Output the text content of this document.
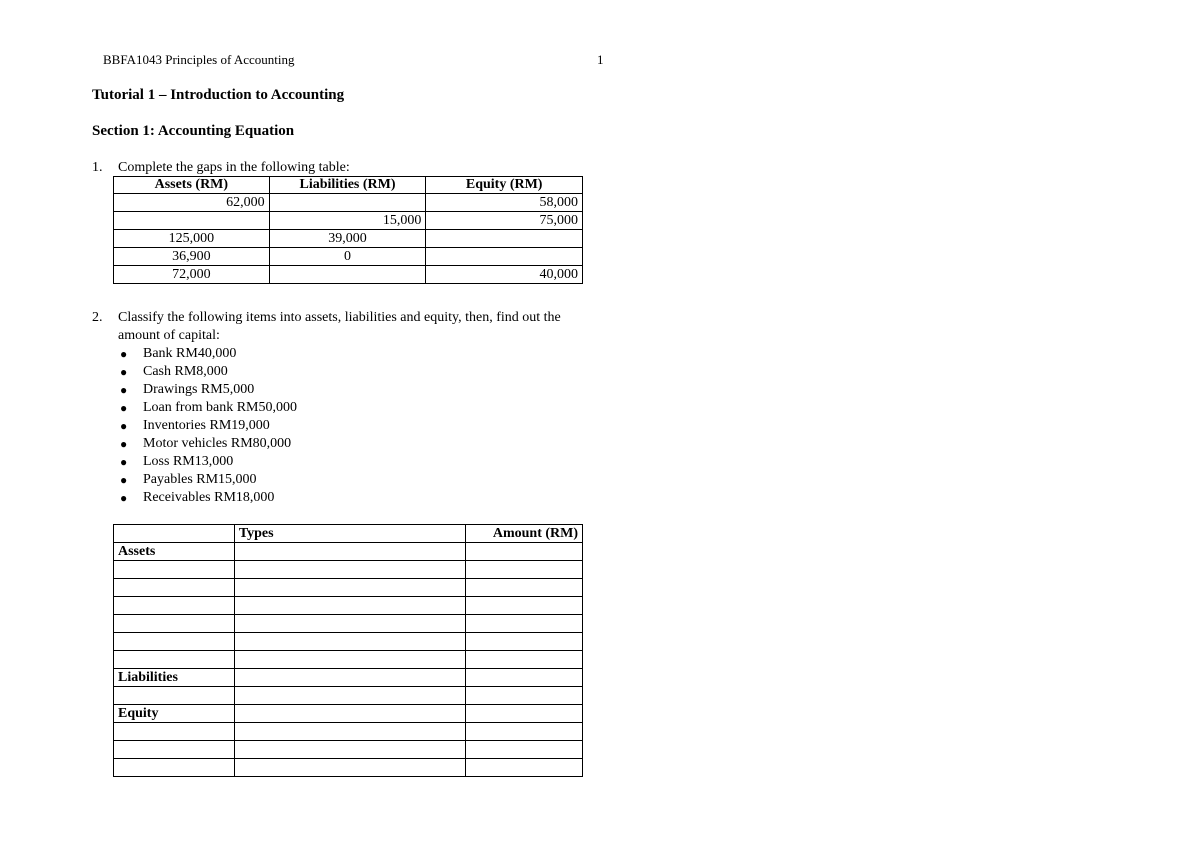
BBFA1043 Principles of Accounting	1
Tutorial 1 – Introduction to Accounting
Section 1: Accounting Equation
1. Complete the gaps in the following table:
Assets (RM)	Liabilities (RM)	Equity (RM)
62,000		58,000
	15,000	75,000
125,000	39,000	
36,900	0	
72,000		40,000
2. Classify the following items into assets, liabilities and equity, then, find out the amount of capital:
● Bank RM40,000
● Cash RM8,000
● Drawings RM5,000
● Loan from bank RM50,000
● Inventories RM19,000
● Motor vehicles RM80,000
● Loss RM13,000
● Payables RM15,000
● Receivables RM18,000
	Types	Amount (RM)
Assets		

Liabilities		

Equity		
